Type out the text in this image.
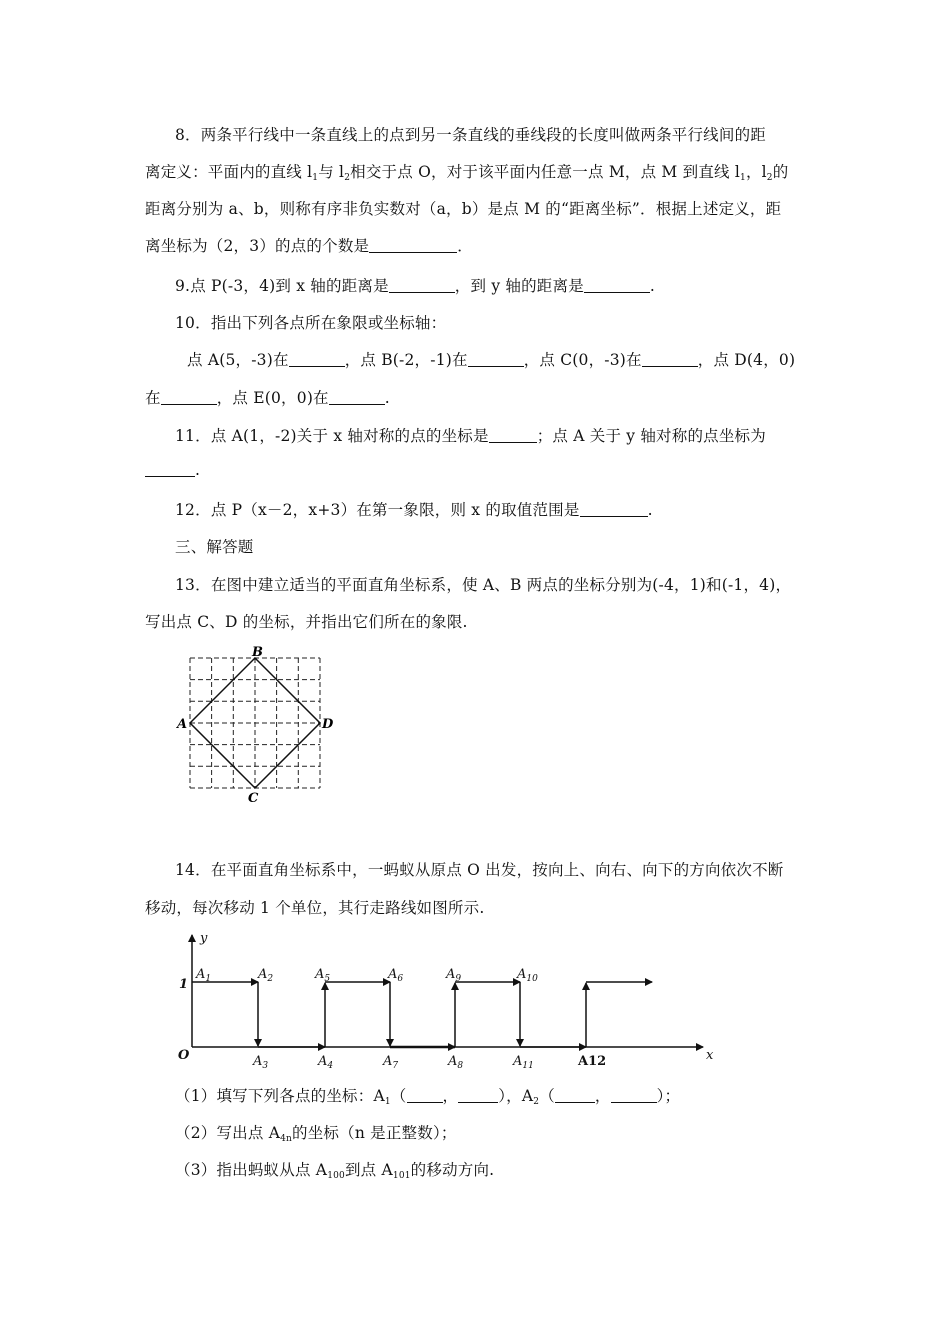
8．两条平行线中一条直线上的点到另一条直线的垂线段的长度叫做两条平行线间的距
离定义：平面内的直线 $l_1$与 $l_2$相交于点 O，对于该平面内任意一点 M，点 M 到直线 $l_1$，$l_2$的
距离分别为 a、b，则称有序非负实数对（a，b）是点 M 的“距离坐标”．根据上述定义，距
离坐标为（2，3）的点的个数是	．
9.点 P(-3，4)到 x 轴的距离是	，到 y 轴的距离是	.
10．指出下列各点所在象限或坐标轴：
点 A(5，-3)在	，点 B(-2，-1)在	，点 C(0，-3)在	，点 D(4，0)
在	，点 E(0，0)在	.
11．点 A(1，-2)关于 x 轴对称的点的坐标是	；点 A 关于 y 轴对称的点坐标为
.
12．点 P（x－2，x+3）在第一象限，则 x 的取值范围是	.
三、解答题
13．在图中建立适当的平面直角坐标系，使 A、B 两点的坐标分别为(-4，1)和(-1，4)，
写出点 C、D 的坐标，并指出它们所在的象限.
A
B
C
D
14．在平面直角坐标系中，一蚂蚁从原点 O 出发，按向上、向右、向下的方向依次不断
移动，每次移动 1 个单位，其行走路线如图所示.
y
x
O
1
$A_1$	$A_2$
$A_3$	$A_4$
$A_5$	$A_6$
$A_7$	$A_8$
$A_9$	$A_{10}$
$A_{11}$	A12
（1）填写下列各点的坐标：$A_1$（ ，	），$A_2$（	，	）；
（2）写出点 $A_{4n}$的坐标（n 是正整数）；
（3）指出蚂蚁从点 $A_{100}$到点 $A_{101}$的移动方向.
